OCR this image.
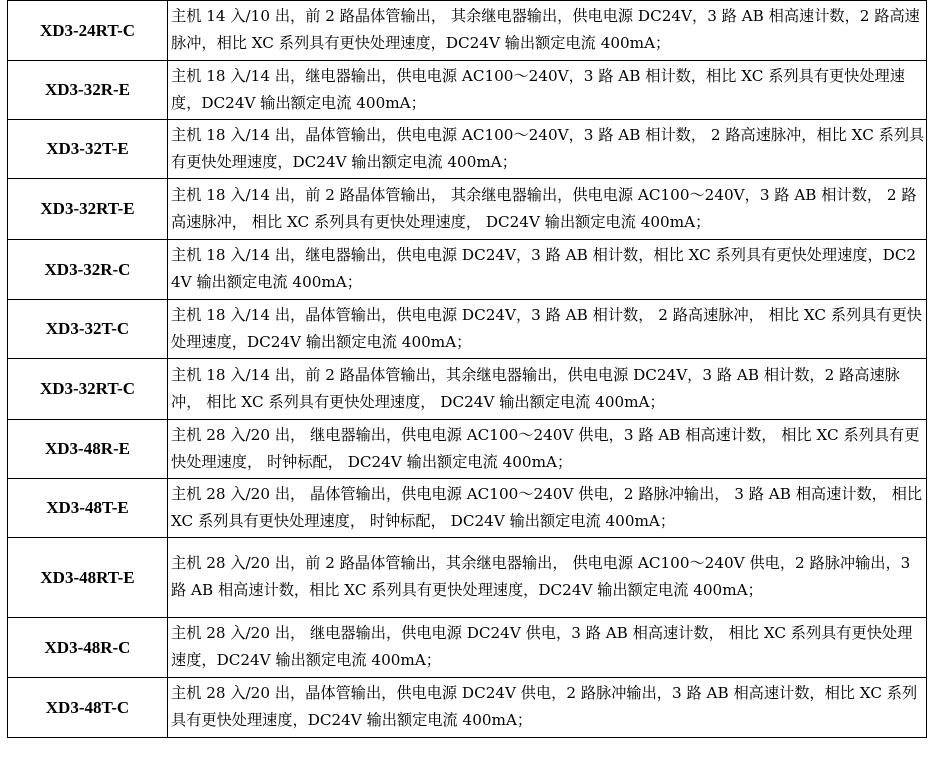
XD3-24RT-C	主机 14 入/10 出，前 2 路晶体管输出， 其余继电器输出，供电电源 DC24V，3 路 AB 相高速计数，2 路高速脉冲，相比 XC 系列具有更快处理速度，DC24V 输出额定电流 400mA；
XD3-32R-E	主机 18 入/14 出，继电器输出，供电电源 AC100～240V，3 路 AB 相计数，相比 XC 系列具有更快处理速度，DC24V 输出额定电流 400mA；
XD3-32T-E	主机 18 入/14 出，晶体管输出，供电电源 AC100～240V，3 路 AB 相计数， 2 路高速脉冲，相比 XC 系列具有更快处理速度，DC24V 输出额定电流 400mA；
XD3-32RT-E	主机 18 入/14 出，前 2 路晶体管输出， 其余继电器输出，供电电源 AC100～240V，3 路 AB 相计数， 2 路高速脉冲， 相比 XC 系列具有更快处理速度， DC24V 输出额定电流 400mA；
XD3-32R-C	主机 18 入/14 出，继电器输出，供电电源 DC24V，3 路 AB 相计数，相比 XC 系列具有更快处理速度，DC24V 输出额定电流 400mA；
XD3-32T-C	主机 18 入/14 出，晶体管输出，供电电源 DC24V，3 路 AB 相计数， 2 路高速脉冲， 相比 XC 系列具有更快处理速度，DC24V 输出额定电流 400mA；
XD3-32RT-C	主机 18 入/14 出，前 2 路晶体管输出，其余继电器输出，供电电源 DC24V，3 路 AB 相计数，2 路高速脉冲， 相比 XC 系列具有更快处理速度， DC24V 输出额定电流 400mA；
XD3-48R-E	主机 28 入/20 出， 继电器输出，供电电源 AC100～240V 供电，3 路 AB 相高速计数， 相比 XC 系列具有更快处理速度， 时钟标配， DC24V 输出额定电流 400mA；
XD3-48T-E	主机 28 入/20 出， 晶体管输出，供电电源 AC100～240V 供电，2 路脉冲输出， 3 路 AB 相高速计数， 相比 XC 系列具有更快处理速度， 时钟标配， DC24V 输出额定电流 400mA；
XD3-48RT-E	主机 28 入/20 出，前 2 路晶体管输出，其余继电器输出， 供电电源 AC100～240V 供电，2 路脉冲输出，3 路 AB 相高速计数，相比 XC 系列具有更快处理速度，DC24V 输出额定电流 400mA；
XD3-48R-C	主机 28 入/20 出， 继电器输出，供电电源 DC24V 供电，3 路 AB 相高速计数， 相比 XC 系列具有更快处理速度，DC24V 输出额定电流 400mA；
XD3-48T-C	主机 28 入/20 出，晶体管输出，供电电源 DC24V 供电，2 路脉冲输出，3 路 AB 相高速计数，相比 XC 系列具有更快处理速度，DC24V 输出额定电流 400mA；
